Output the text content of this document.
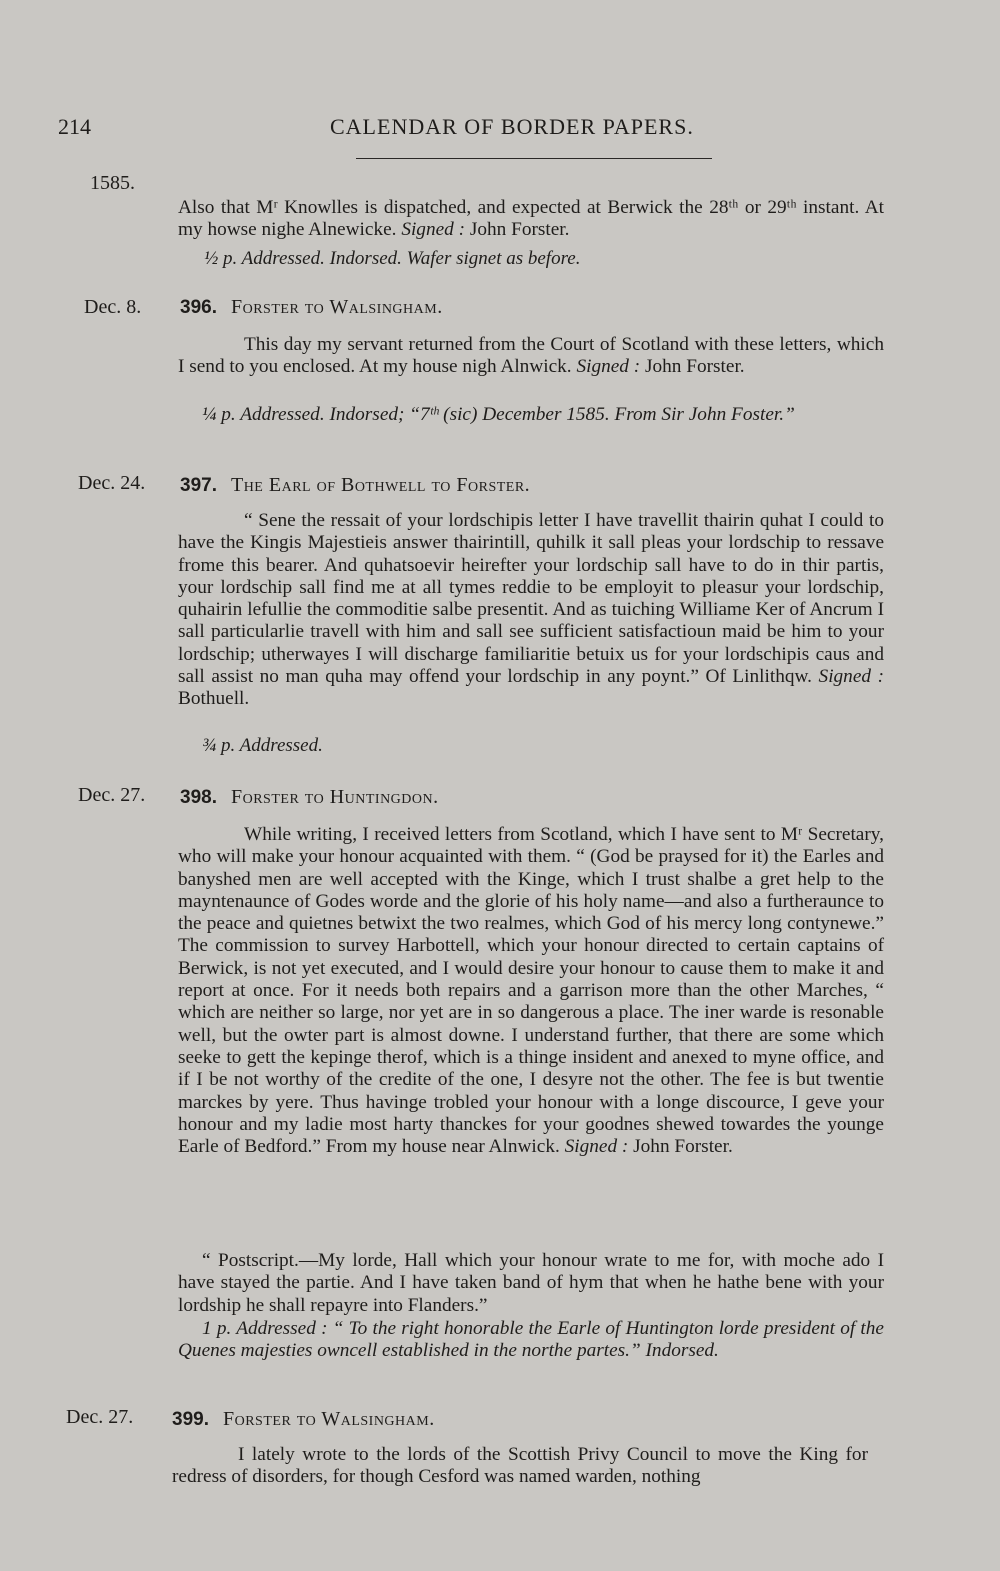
214	CALENDAR OF BORDER PAPERS.
1585.

Also that Mʳ Knowlles is dispatched, and expected at Berwick the 28ᵗʰ or 29ᵗʰ instant. At my howse nighe Alnewicke. Signed : John Forster.

½ p. Addressed. Indorsed. Wafer signet as before.
Dec. 8. 396. Forster to Walsingham.

This day my servant returned from the Court of Scotland with these letters, which I send to you enclosed. At my house nigh Alnwick. Signed : John Forster.

¼ p. Addressed. Indorsed; “7ᵗʰ (sic) December 1585. From Sir John Foster.”

Dec. 24. 397. The Earl of Bothwell to Forster.

“ Sene the ressait of your lordschipis letter I have travellit thairin quhat I could to have the Kingis Majestieis answer thairintill, quhilk it sall pleas your lordschip to ressave frome this bearer. And quhatsoevir heirefter your lordschip sall have to do in thir partis, your lordschip sall find me at all tymes reddie to be employit to pleasur your lordschip, quhairin lefullie the commoditie salbe presentit. And as tuiching Williame Ker of Ancrum I sall particularlie travell with him and sall see sufficient satisfactioun maid be him to your lordschip; utherwayes I will discharge familiaritie betuix us for your lordschipis caus and sall assist no man quha may offend your lordschip in any poynt.” Of Linlithqw. Signed : Bothuell.

¾ p. Addressed.
Dec. 27. 398. Forster to Huntingdon.

While writing, I received letters from Scotland, which I have sent to Mʳ Secretary, who will make your honour acquainted with them. “ (God be praysed for it) the Earles and banyshed men are well accepted with the Kinge, which I trust shalbe a gret help to the mayntenaunce of Godes worde and the glorie of his holy name—and also a furtheraunce to the peace and quietnes betwixt the two realmes, which God of his mercy long contynewe.” The commission to survey Harbottell, which your honour directed to certain captains of Berwick, is not yet executed, and I would desire your honour to cause them to make it and report at once. For it needs both repairs and a garrison more than the other Marches, “ which are neither so large, nor yet are in so dangerous a place. The iner warde is resonable well, but the owter part is almost downe. I understand further, that there are some which seeke to gett the kepinge therof, which is a thinge insident and anexed to myne office, and if I be not worthy of the credite of the one, I desyre not the other. The fee is but twentie marckes by yere. Thus havinge trobled your honour with a longe discource, I geve your honour and my ladie most harty thanckes for your goodnes shewed towardes the younge Earle of Bedford.” From my house near Alnwick. Signed : John Forster.

“ Postscript.—My lorde, Hall which your honour wrate to me for, with moche ado I have stayed the partie. And I have taken band of hym that when he hathe bene with your lordship he shall repayre into Flanders.”

1 p. Addressed : “ To the right honorable the Earle of Huntington lorde president of the Quenes majesties owncell established in the northe partes.” Indorsed.

Dec. 27. 399. Forster to Walsingham.

I lately wrote to the lords of the Scottish Privy Council to move the King for redress of disorders, for though Cesford was named warden, nothing
